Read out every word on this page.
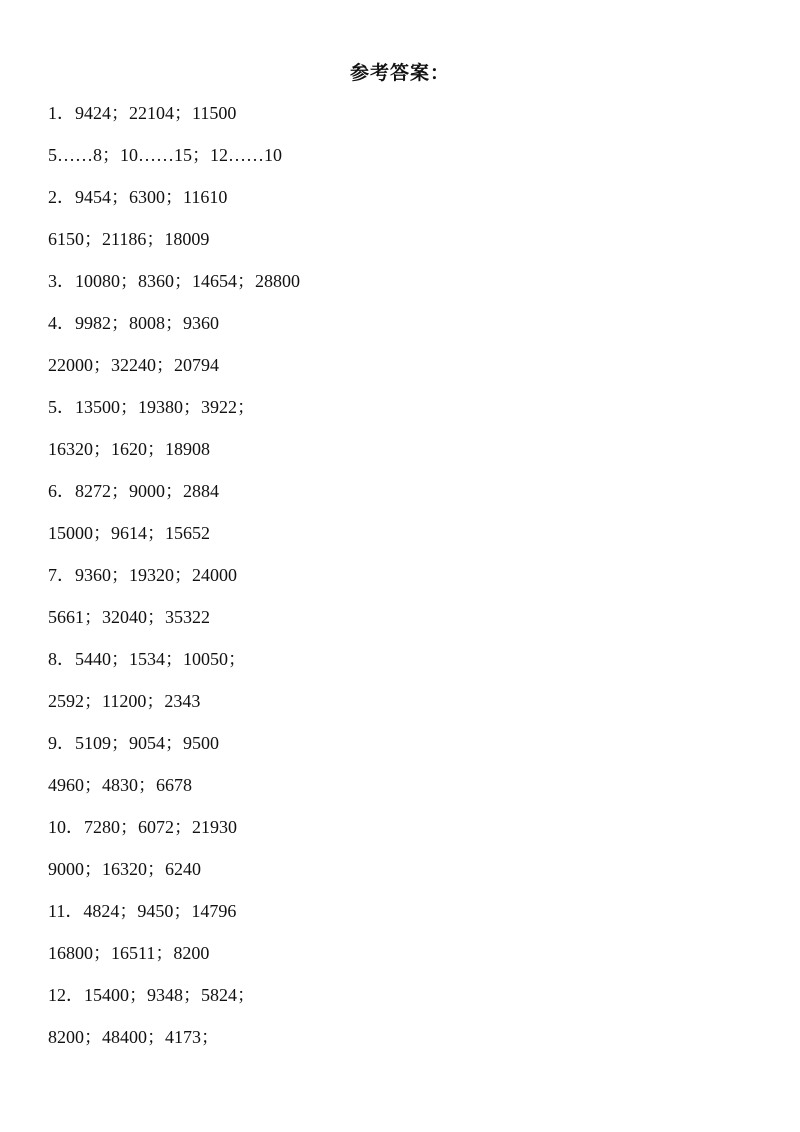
参考答案：
1．9424；22104；11500
5……8；10……15；12……10
2．9454；6300；11610
6150；21186；18009
3．10080；8360；14654；28800
4．9982；8008；9360
22000；32240；20794
5．13500；19380；3922；
16320；1620；18908
6．8272；9000；2884
15000；9614；15652
7．9360；19320；24000
5661；32040；35322
8．5440；1534；10050；
2592；11200；2343
9．5109；9054；9500
4960；4830；6678
10．7280；6072；21930
9000；16320；6240
11．4824；9450；14796
16800；16511；8200
12．15400；9348；5824；
8200；48400；4173；
